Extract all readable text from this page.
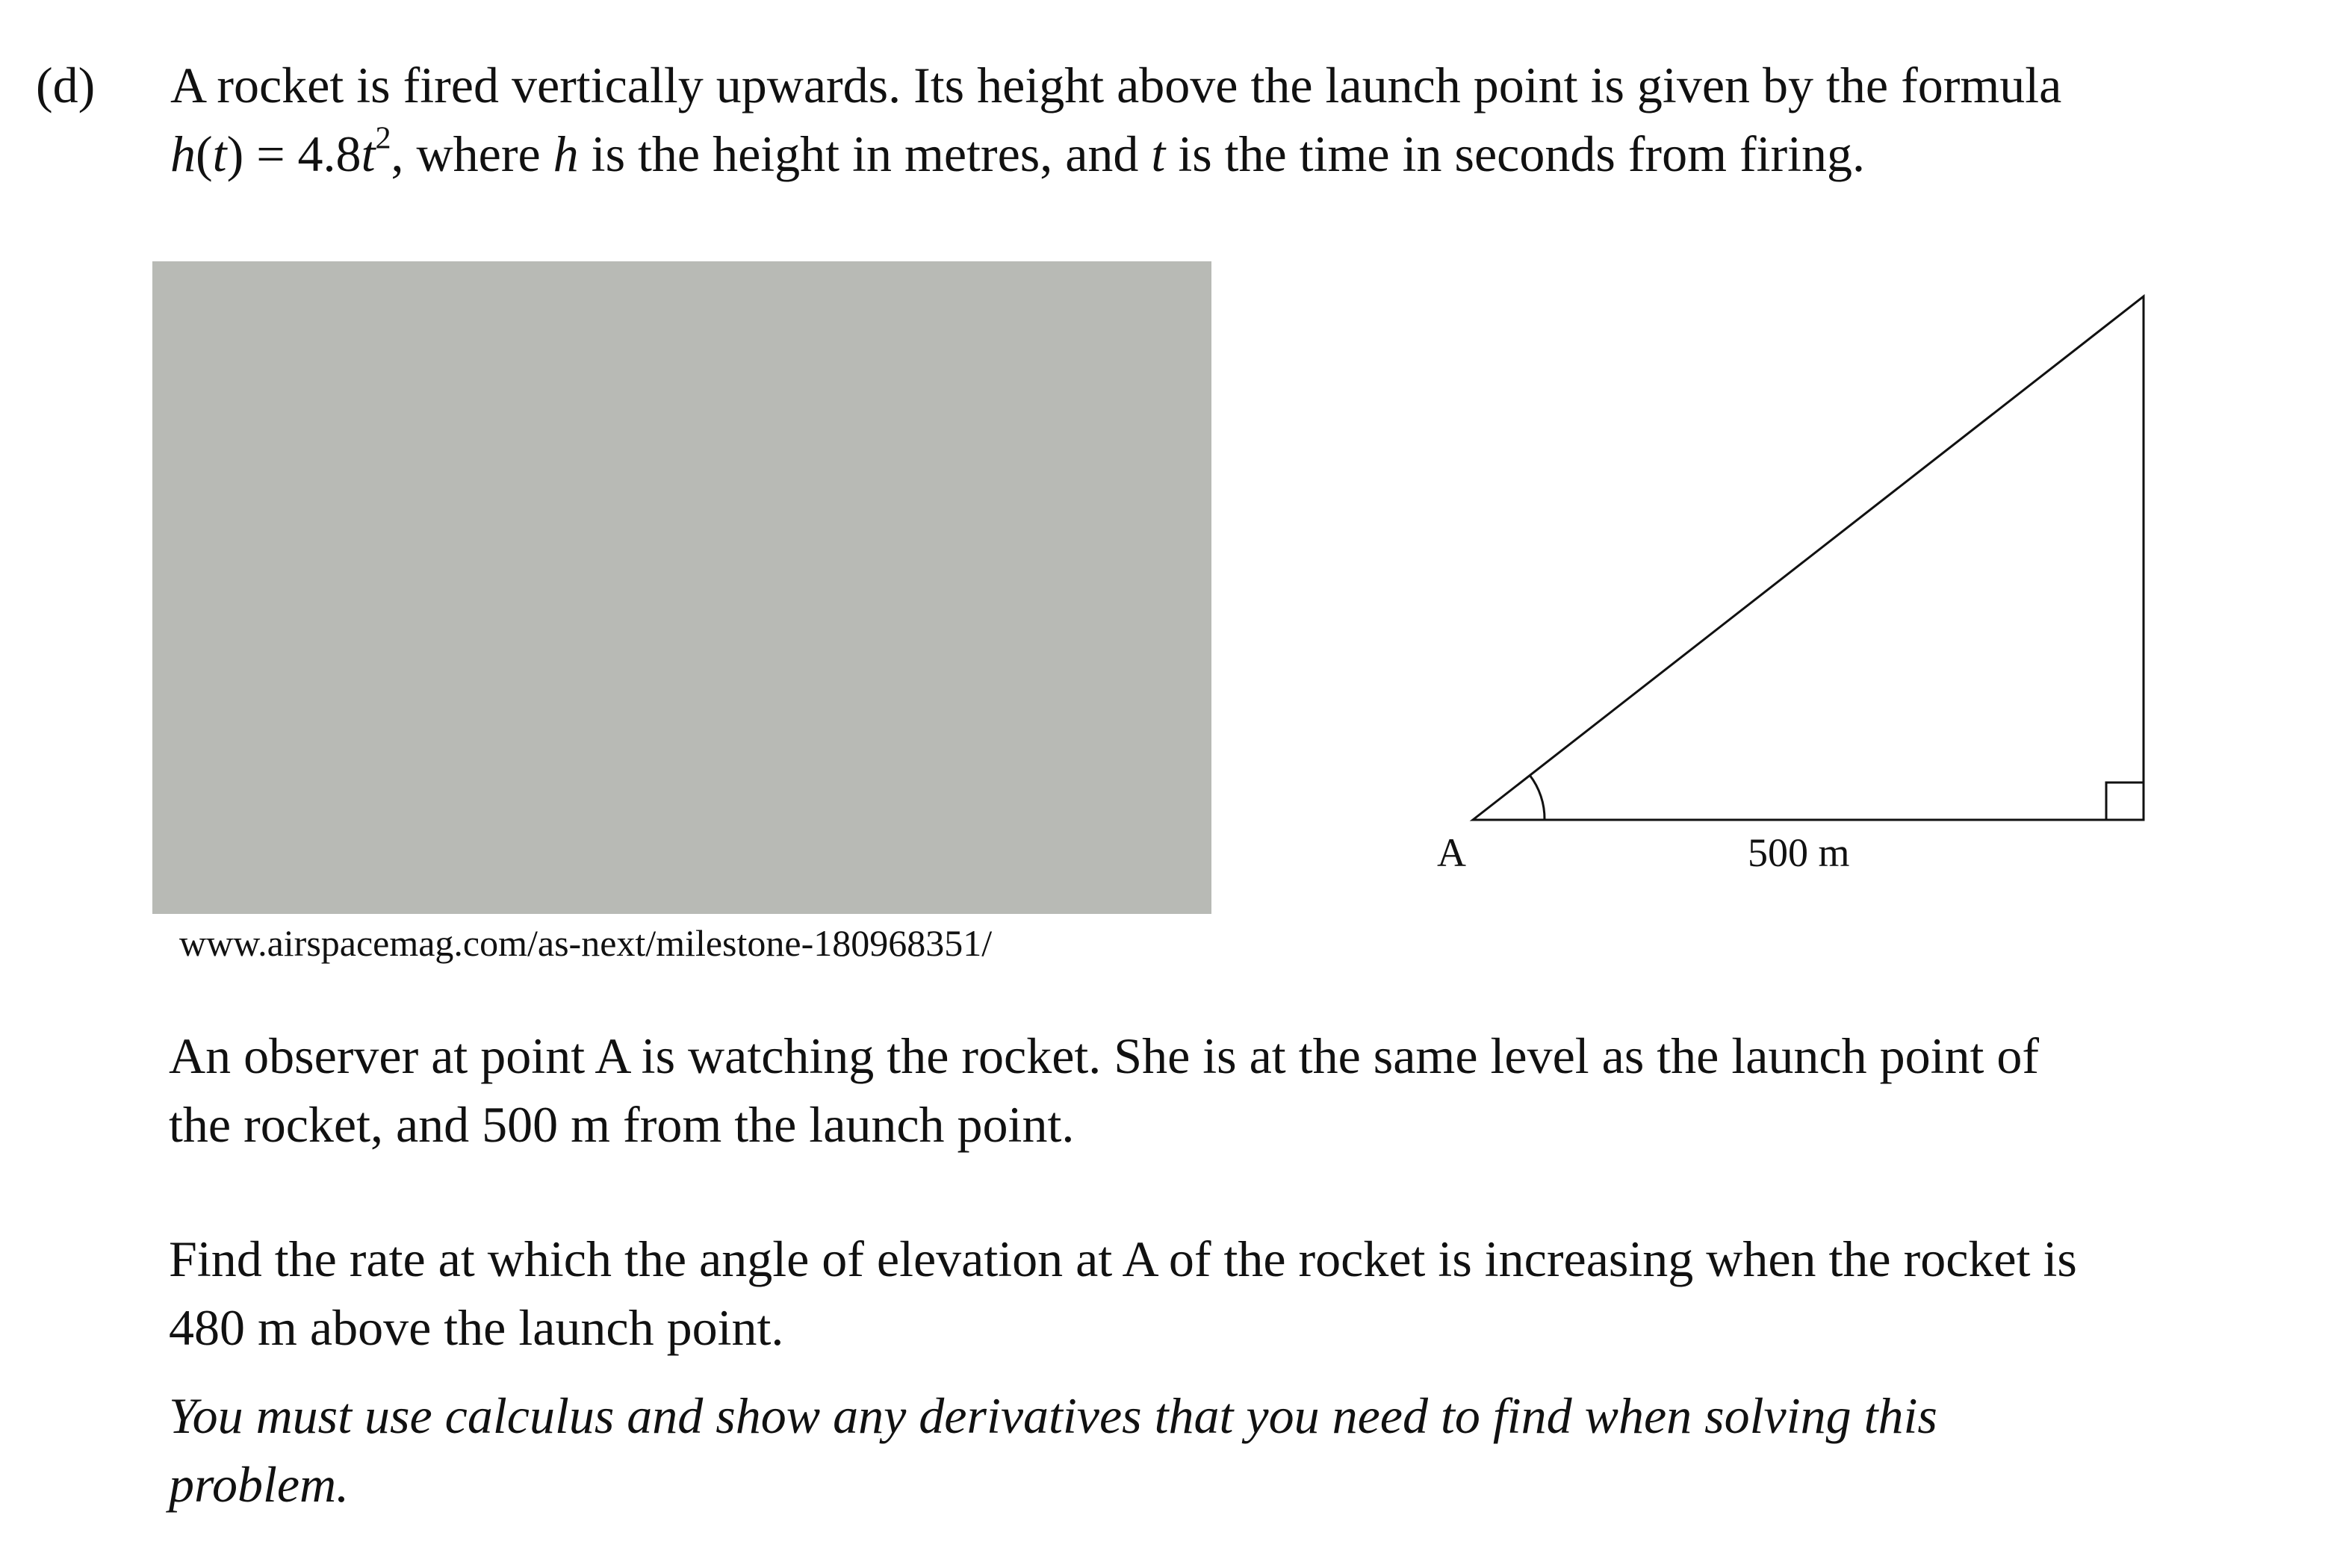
(d) A rocket is fired vertically upwards. Its height above the launch point is given by the formula

$h(t) = 4.8t^2$, where h is the height in metres, and t is the time in seconds from firing.

www.airspacemag.com/as-next/milestone-180968351/
A	500 m

An observer at point A is watching the rocket. She is at the same level as the launch point of
the rocket, and 500 m from the launch point.

Find the rate at which the angle of elevation at A of the rocket is increasing when the rocket is
480 m above the launch point.

You must use calculus and show any derivatives that you need to find when solving this
problem.
